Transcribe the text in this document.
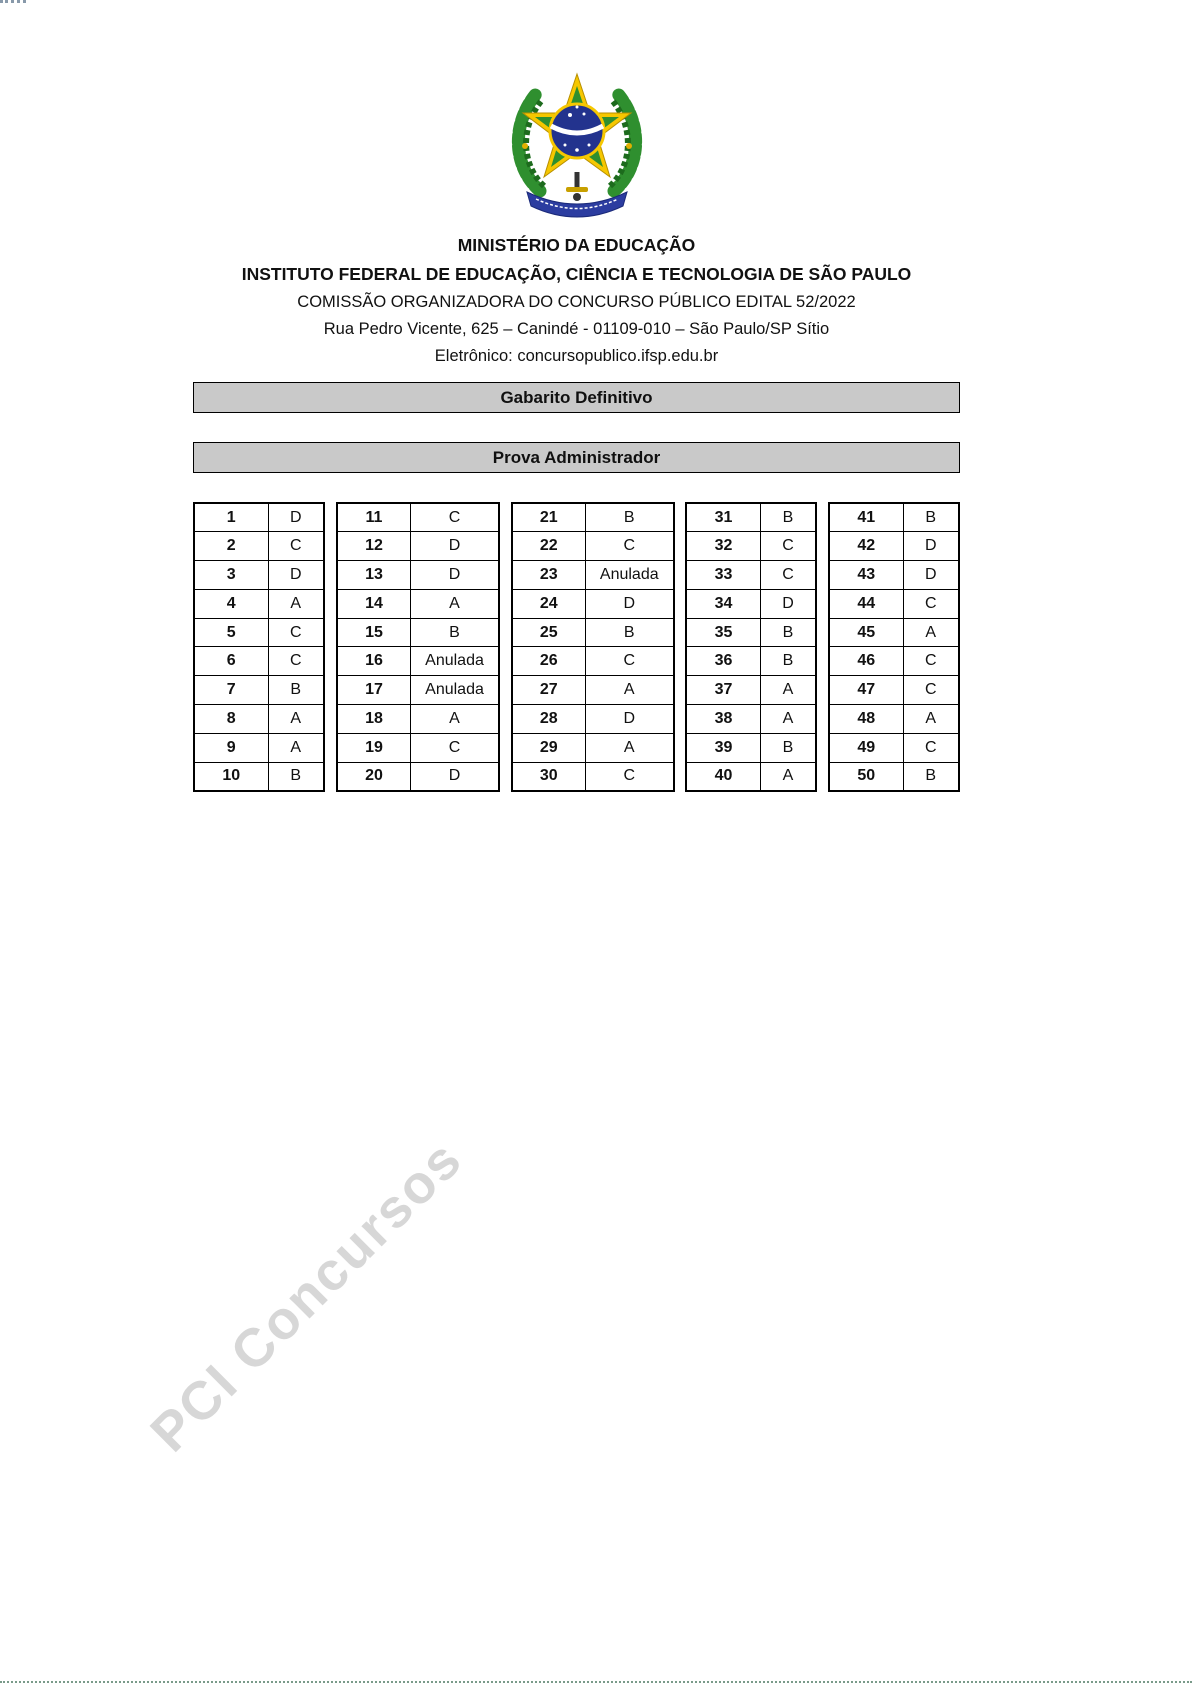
MINISTÉRIO DA EDUCAÇÃO
INSTITUTO FEDERAL DE EDUCAÇÃO, CIÊNCIA E TECNOLOGIA DE SÃO PAULO
COMISSÃO ORGANIZADORA DO CONCURSO PÚBLICO EDITAL 52/2022
Rua Pedro Vicente, 625 – Canindé - 01109-010 – São Paulo/SP Sítio
Eletrônico: concursopublico.ifsp.edu.br
Gabarito Definitivo
Prova Administrador
1	D
2	C
3	D
4	A
5	C
6	C
7	B
8	A
9	A
10	B
11	C
12	D
13	D
14	A
15	B
16	Anulada
17	Anulada
18	A
19	C
20	D
21	B
22	C
23	Anulada
24	D
25	B
26	C
27	A
28	D
29	A
30	C
31	B
32	C
33	C
34	D
35	B
36	B
37	A
38	A
39	B
40	A
41	B
42	D
43	D
44	C
45	A
46	C
47	C
48	A
49	C
50	B
PCI Concursos
